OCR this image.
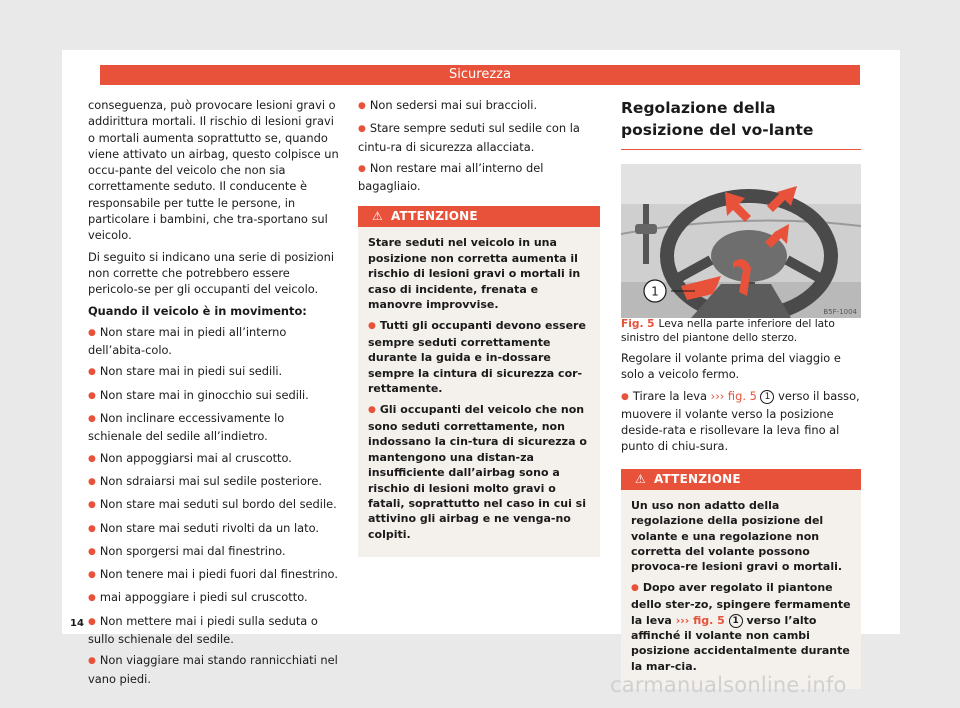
Sicurezza

conseguenza, può provocare lesioni gravi o addirittura mortali. Il rischio di lesioni gravi o mortali aumenta soprattutto se, quando viene attivato un airbag, questo colpisce un occu-pante del veicolo che non sia correttamente seduto. Il conducente è responsabile per tutte le persone, in particolare i bambini, che tra-sportano sul veicolo.

Di seguito si indicano una serie di posizioni non corrette che potrebbero essere pericolo-se per gli occupanti del veicolo.

Quando il veicolo è in movimento:

● Non stare mai in piedi all’interno dell’abita-colo.

● Non stare mai in piedi sui sedili.

● Non stare mai in ginocchio sui sedili.

● Non inclinare eccessivamente lo schienale del sedile all’indietro.

● Non appoggiarsi mai al cruscotto.

● Non sdraiarsi mai sul sedile posteriore.

● Non stare mai seduti sul bordo del sedile.

● Non stare mai seduti rivolti da un lato.

● Non sporgersi mai dal finestrino.

● Non tenere mai i piedi fuori dal finestrino.

● mai appoggiare i piedi sul cruscotto.

● Non mettere mai i piedi sulla seduta o sullo schienale del sedile.

● Non viaggiare mai stando rannicchiati nel vano piedi.

● Non sedersi mai sui braccioli.

● Stare sempre seduti sul sedile con la cintu-ra di sicurezza allacciata.

● Non restare mai all’interno del bagagliaio.

⚠ ATTENZIONE

Stare seduti nel veicolo in una posizione non corretta aumenta il rischio di lesioni gravi o mortali in caso di incidente, frenata e manovre improvvise.

● Tutti gli occupanti devono essere sempre seduti correttamente durante la guida e in-dossare sempre la cintura di sicurezza cor-rettamente.

● Gli occupanti del veicolo che non sono seduti correttamente, non indossano la cin-tura di sicurezza o mantengono una distan-za insufficiente dall’airbag sono a rischio di lesioni molto gravi o fatali, soprattutto nel caso in cui si attivino gli airbag e ne venga-no colpiti.

Regolazione della posizione del vo-lante
1
B5F-1004

Fig. 5 Leva nella parte inferiore del lato sinistro del piantone dello sterzo.

Regolare il volante prima del viaggio e solo a veicolo fermo.

● Tirare la leva ››› fig. 5 1 verso il basso, muovere il volante verso la posizione deside-rata e risollevare la leva fino al punto di chiu-sura.

⚠ ATTENZIONE

Un uso non adatto della regolazione della posizione del volante e una regolazione non corretta del volante possono provoca-re lesioni gravi o mortali.

● Dopo aver regolato il piantone dello ster-zo, spingere fermamente la leva ››› fig. 5 1 verso l’alto affinché il volante non cambi posizione accidentalmente durante la mar-cia.

14
carmanualsonline.info
